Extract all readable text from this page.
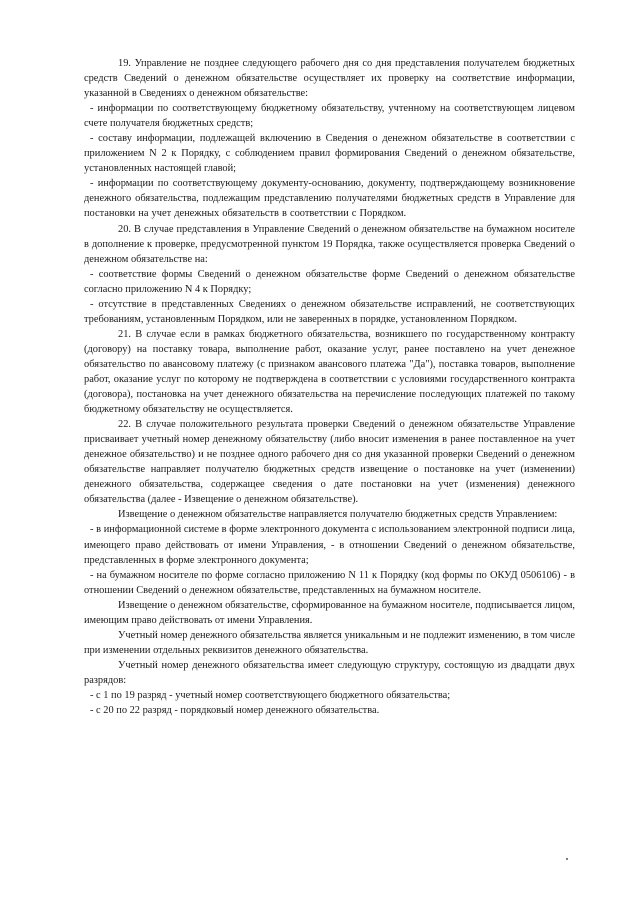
19. Управление не позднее следующего рабочего дня со дня представления получателем бюджетных средств Сведений о денежном обязательстве осуществляет их проверку на соответствие информации, указанной в Сведениях о денежном обязательстве:

- информации по соответствующему бюджетному обязательству, учтенному на соответствующем лицевом счете получателя бюджетных средств;

- составу информации, подлежащей включению в Сведения о денежном обязательстве в соответствии с приложением N 2 к Порядку, с соблюдением правил формирования Сведений о денежном обязательстве, установленных настоящей главой;

- информации по соответствующему документу-основанию, документу, подтверждающему возникновение денежного обязательства, подлежащим представлению получателями бюджетных средств в Управление для постановки на учет денежных обязательств в соответствии с Порядком.

20. В случае представления в Управление Сведений о денежном обязательстве на бумажном носителе в дополнение к проверке, предусмотренной пунктом 19 Порядка, также осуществляется проверка Сведений о денежном обязательстве на:

- соответствие формы Сведений о денежном обязательстве форме Сведений о денежном обязательстве согласно приложению N 4 к Порядку;

- отсутствие в представленных Сведениях о денежном обязательстве исправлений, не соответствующих требованиям, установленным Порядком, или не заверенных в порядке, установленном Порядком.

21. В случае если в рамках бюджетного обязательства, возникшего по государственному контракту (договору) на поставку товара, выполнение работ, оказание услуг, ранее поставлено на учет денежное обязательство по авансовому платежу (с признаком авансового платежа "Да"), поставка товаров, выполнение работ, оказание услуг по которому не подтверждена в соответствии с условиями государственного контракта (договора), постановка на учет денежного обязательства на перечисление последующих платежей по такому бюджетному обязательству не осуществляется.

22. В случае положительного результата проверки Сведений о денежном обязательстве Управление присваивает учетный номер денежному обязательству (либо вносит изменения в ранее поставленное на учет денежное обязательство) и не позднее одного рабочего дня со дня указанной проверки Сведений о денежном обязательстве направляет получателю бюджетных средств извещение о постановке на учет (изменении) денежного обязательства, содержащее сведения о дате постановки на учет (изменения) денежного обязательства (далее - Извещение о денежном обязательстве).

Извещение о денежном обязательстве направляется получателю бюджетных средств Управлением:

- в информационной системе в форме электронного документа с использованием электронной подписи лица, имеющего право действовать от имени Управления, - в отношении Сведений о денежном обязательстве, представленных в форме электронного документа;

- на бумажном носителе по форме согласно приложению N 11 к Порядку (код формы по ОКУД 0506106) - в отношении Сведений о денежном обязательстве, представленных на бумажном носителе.

Извещение о денежном обязательстве, сформированное на бумажном носителе, подписывается лицом, имеющим право действовать от имени Управления.

Учетный номер денежного обязательства является уникальным и не подлежит изменению, в том числе при изменении отдельных реквизитов денежного обязательства.

Учетный номер денежного обязательства имеет следующую структуру, состоящую из двадцати двух разрядов:

- с 1 по 19 разряд - учетный номер соответствующего бюджетного обязательства;

- с 20 по 22 разряд - порядковый номер денежного обязательства.
